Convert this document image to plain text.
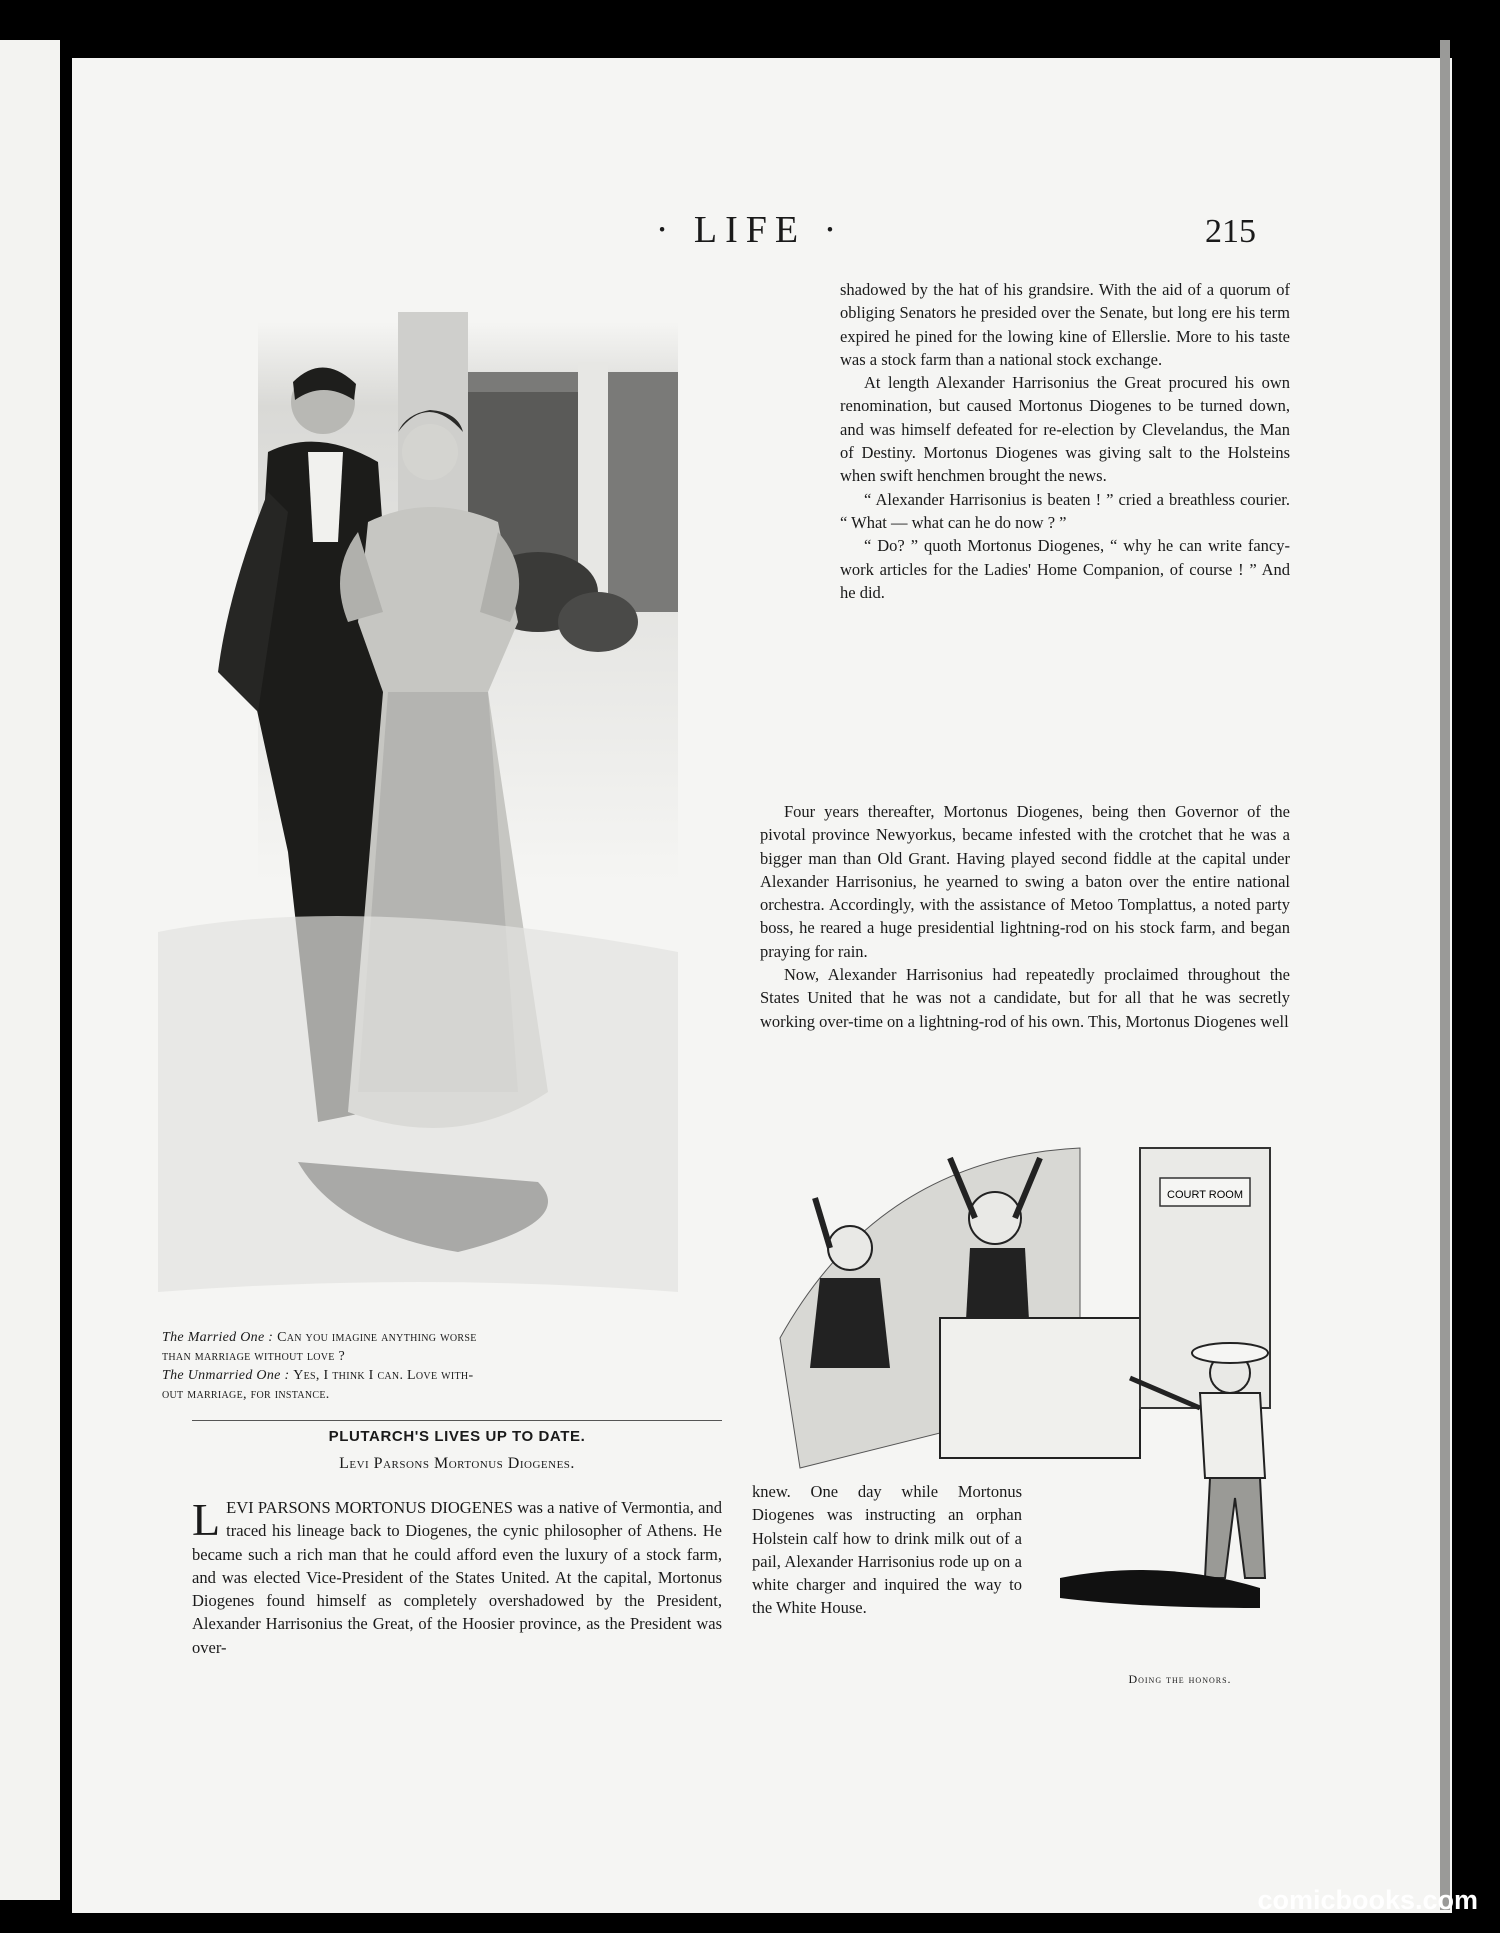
· LIFE ·	215
The Married One : Can you imagine anything worse
than marriage without love ?
The Unmarried One : Yes, I think I can. Love with-
out marriage, for instance.
PLUTARCH'S LIVES UP TO DATE.
Levi Parsons Mortonus Diogenes.

shadowed by the hat of his grandsire. With the aid of a quorum of obliging Senators he presided over the Senate, but long ere his term expired he pined for the lowing kine of Ellerslie. More to his taste was a stock farm than a national stock exchange.

At length Alexander Harrisonius the Great procured his own renomination, but caused Mortonus Diogenes to be turned down, and was himself defeated for re-election by Clevelandus, the Man of Destiny. Mortonus Diogenes was giving salt to the Holsteins when swift henchmen brought the news.

“ Alexander Harrisonius is beaten ! ” cried a breathless courier. “ What — what can he do now ? ”

“ Do? ” quoth Mortonus Diogenes, “ why he can write fancy-work articles for the Ladies' Home Companion, of course ! ” And he did.

Four years thereafter, Mortonus Diogenes, being then Governor of the pivotal province Newyorkus, became infested with the crotchet that he was a bigger man than Old Grant. Having played second fiddle at the capital under Alexander Harrisonius, he yearned to swing a baton over the entire national orchestra. Accordingly, with the assistance of Metoo Tomplattus, a noted party boss, he reared a huge presidential lightning-rod on his stock farm, and began praying for rain.

Now, Alexander Harrisonius had repeatedly proclaimed throughout the States United that he was not a candidate, but for all that he was secretly working over-time on a lightning-rod of his own. This, Mortonus Diogenes well

COURT ROOM
Doing the honors.
L EVI PARSONS MORTONUS DIOGENES was a native of Vermontia, and traced his lineage back to Diogenes, the cynic philosopher of Athens. He became such a rich man that he could afford even the luxury of a stock farm, and was elected Vice-President of the States United. At the capital, Mortonus Diogenes found himself as completely overshadowed by the President, Alexander Harrisonius the Great, of the Hoosier province, as the President was over-

knew. One day while Mortonus Diogenes was instructing an orphan Holstein calf how to drink milk out of a pail, Alexander Harrisonius rode up on a white charger and inquired the way to the White House.

comicbooks.com
